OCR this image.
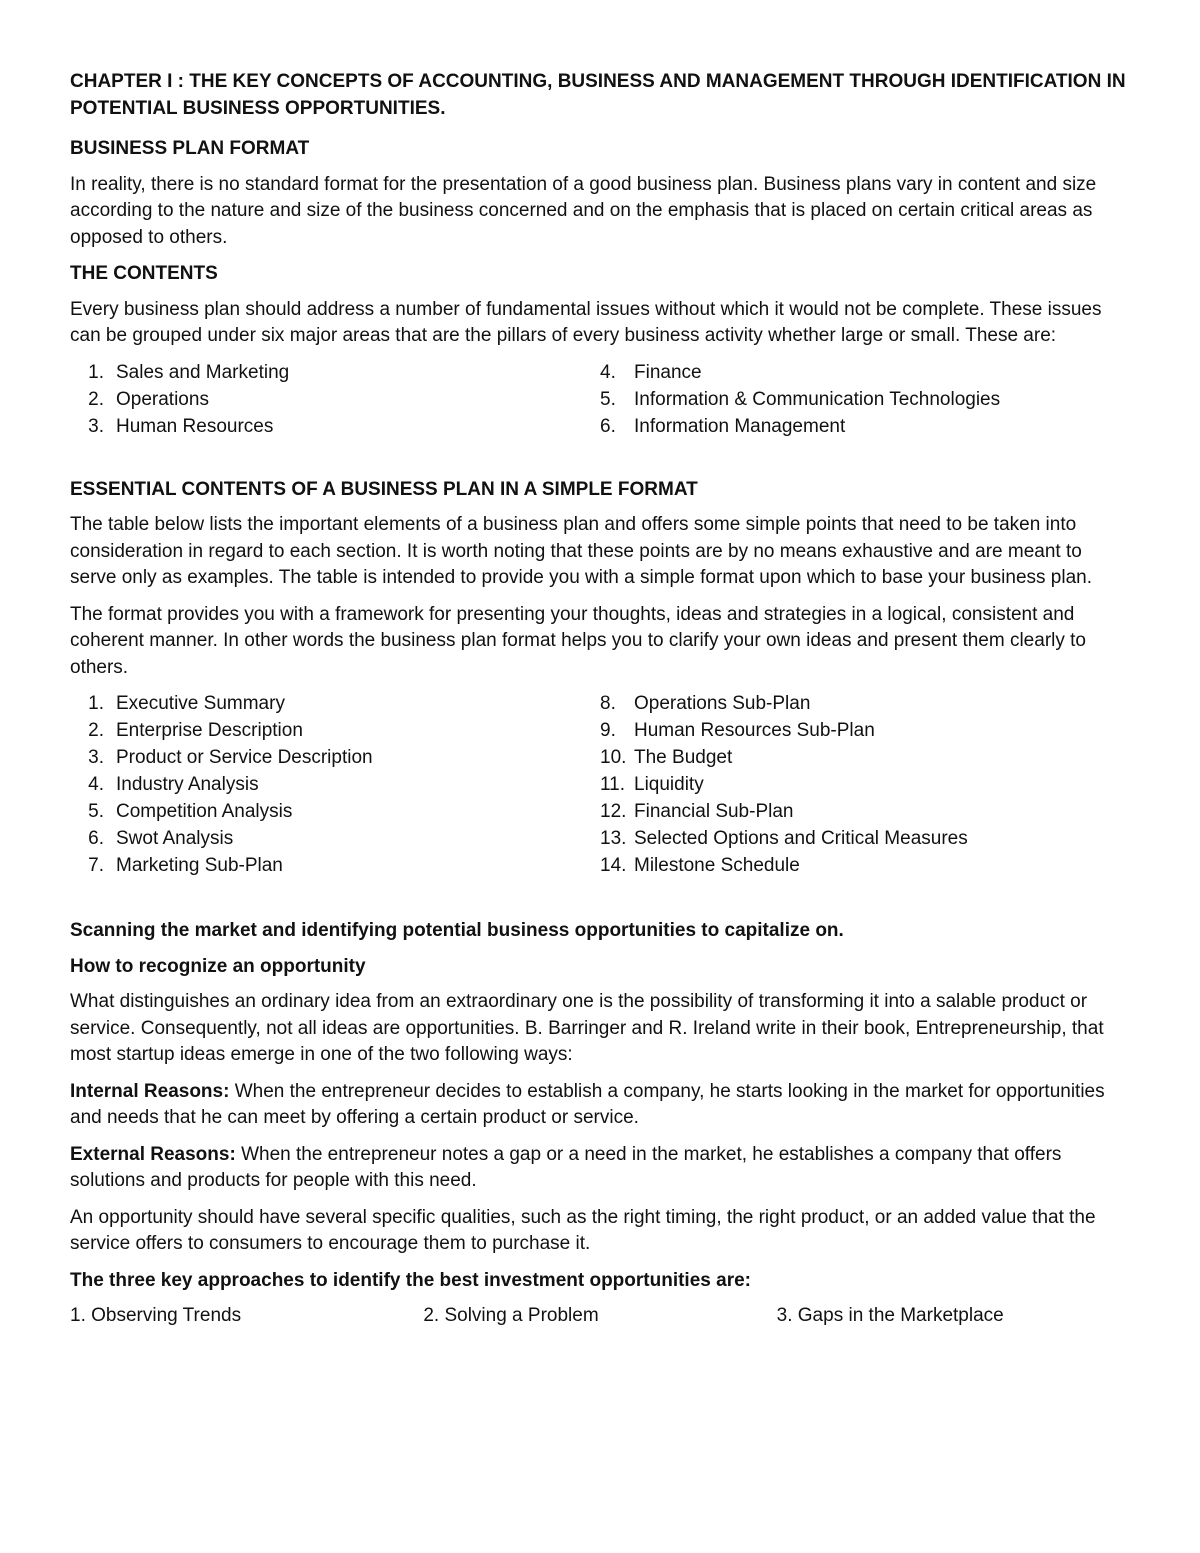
CHAPTER I : THE KEY CONCEPTS OF ACCOUNTING, BUSINESS AND MANAGEMENT THROUGH IDENTIFICATION IN POTENTIAL BUSINESS OPPORTUNITIES.

BUSINESS PLAN FORMAT

In reality, there is no standard format for the presentation of a good business plan. Business plans vary in content and size according to the nature and size of the business concerned and on the emphasis that is placed on certain critical areas as opposed to others.

THE CONTENTS

Every business plan should address a number of fundamental issues without which it would not be complete. These issues can be grouped under six major areas that are the pillars of every business activity whether large or small. These are:

1. Sales and Marketing
2. Operations
3. Human Resources
4. Finance
5. Information & Communication Technologies
6. Information Management

ESSENTIAL CONTENTS OF A BUSINESS PLAN IN A SIMPLE FORMAT

The table below lists the important elements of a business plan and offers some simple points that need to be taken into consideration in regard to each section. It is worth noting that these points are by no means exhaustive and are meant to serve only as examples. The table is intended to provide you with a simple format upon which to base your business plan.

The format provides you with a framework for presenting your thoughts, ideas and strategies in a logical, consistent and coherent manner. In other words the business plan format helps you to clarify your own ideas and present them clearly to others.

1. Executive Summary
2. Enterprise Description
3. Product or Service Description
4. Industry Analysis
5. Competition Analysis
6. Swot Analysis
7. Marketing Sub-Plan
8. Operations Sub-Plan
9. Human Resources Sub-Plan
10. The Budget
11. Liquidity
12. Financial Sub-Plan
13. Selected Options and Critical Measures
14. Milestone Schedule

Scanning the market and identifying potential business opportunities to capitalize on.

How to recognize an opportunity

What distinguishes an ordinary idea from an extraordinary one is the possibility of transforming it into a salable product or service. Consequently, not all ideas are opportunities. B. Barringer and R. Ireland write in their book, Entrepreneurship, that most startup ideas emerge in one of the two following ways:

Internal Reasons: When the entrepreneur decides to establish a company, he starts looking in the market for opportunities and needs that he can meet by offering a certain product or service.

External Reasons: When the entrepreneur notes a gap or a need in the market, he establishes a company that offers solutions and products for people with this need.

An opportunity should have several specific qualities, such as the right timing, the right product, or an added value that the service offers to consumers to encourage them to purchase it.

The three key approaches to identify the best investment opportunities are:

1. Observing Trends	2. Solving a Problem	3. Gaps in the Marketplace
